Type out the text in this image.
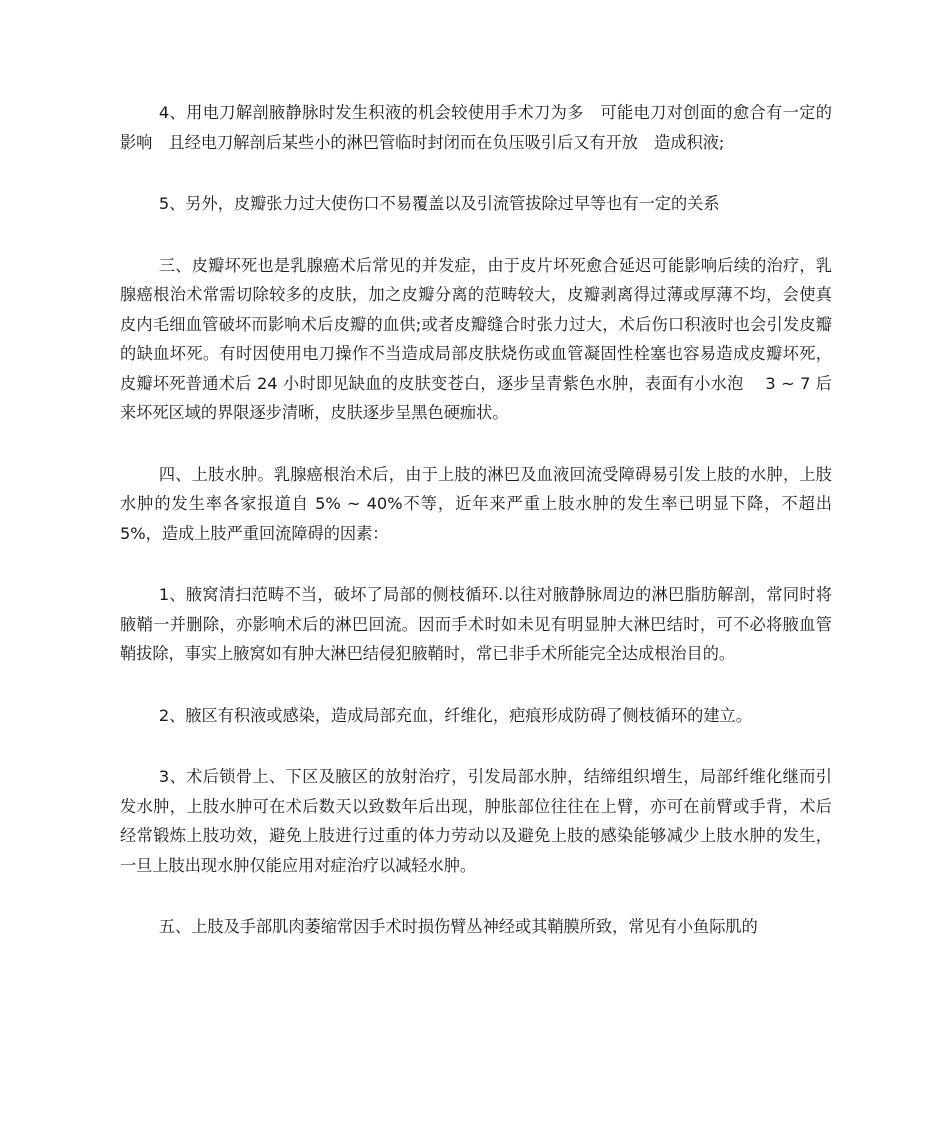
4、用电刀解剖腋静脉时发生积液的机会较使用手术刀为多　可能电刀对创面的愈合有一定的影响　且经电刀解剖后某些小的淋巴管临时封闭而在负压吸引后又有开放　造成积液;

5、另外，皮瓣张力过大使伤口不易覆盖以及引流管拔除过早等也有一定的关系

三、皮瓣坏死也是乳腺癌术后常见的并发症，由于皮片坏死愈合延迟可能影响后续的治疗，乳腺癌根治术常需切除较多的皮肤，加之皮瓣分离的范畴较大，皮瓣剥离得过薄或厚薄不均，会使真皮内毛细血管破坏而影响术后皮瓣的血供;或者皮瓣缝合时张力过大，术后伤口积液时也会引发皮瓣的缺血坏死。有时因使用电刀操作不当造成局部皮肤烧伤或血管凝固性栓塞也容易造成皮瓣坏死，皮瓣坏死普通术后 24 小时即见缺血的皮肤变苍白，逐步呈青紫色水肿，表面有小水泡　 3 ~ 7 后来坏死区域的界限逐步清晰，皮肤逐步呈黑色硬痂状。

四、上肢水肿。乳腺癌根治术后，由于上肢的淋巴及血液回流受障碍易引发上肢的水肿，上肢水肿的发生率各家报道自 5% ~ 40%不等，近年来严重上肢水肿的发生率已明显下降，不超出 5%，造成上肢严重回流障碍的因素：

1、腋窝清扫范畴不当，破坏了局部的侧枝循环.以往对腋静脉周边的淋巴脂肪解剖，常同时将腋鞘一并删除，亦影响术后的淋巴回流。因而手术时如未见有明显肿大淋巴结时，可不必将腋血管鞘拔除，事实上腋窝如有肿大淋巴结侵犯腋鞘时，常已非手术所能完全达成根治目的。

2、腋区有积液或感染，造成局部充血，纤维化，疤痕形成防碍了侧枝循环的建立。

3、术后锁骨上、下区及腋区的放射治疗，引发局部水肿，结缔组织增生，局部纤维化继而引发水肿，上肢水肿可在术后数天以致数年后出现，肿胀部位往往在上臂，亦可在前臂或手背，术后经常锻炼上肢功效，避免上肢进行过重的体力劳动以及避免上肢的感染能够减少上肢水肿的发生，一旦上肢出现水肿仅能应用对症治疗以减轻水肿。

五、上肢及手部肌肉萎缩常因手术时损伤臂丛神经或其鞘膜所致，常见有小鱼际肌的
